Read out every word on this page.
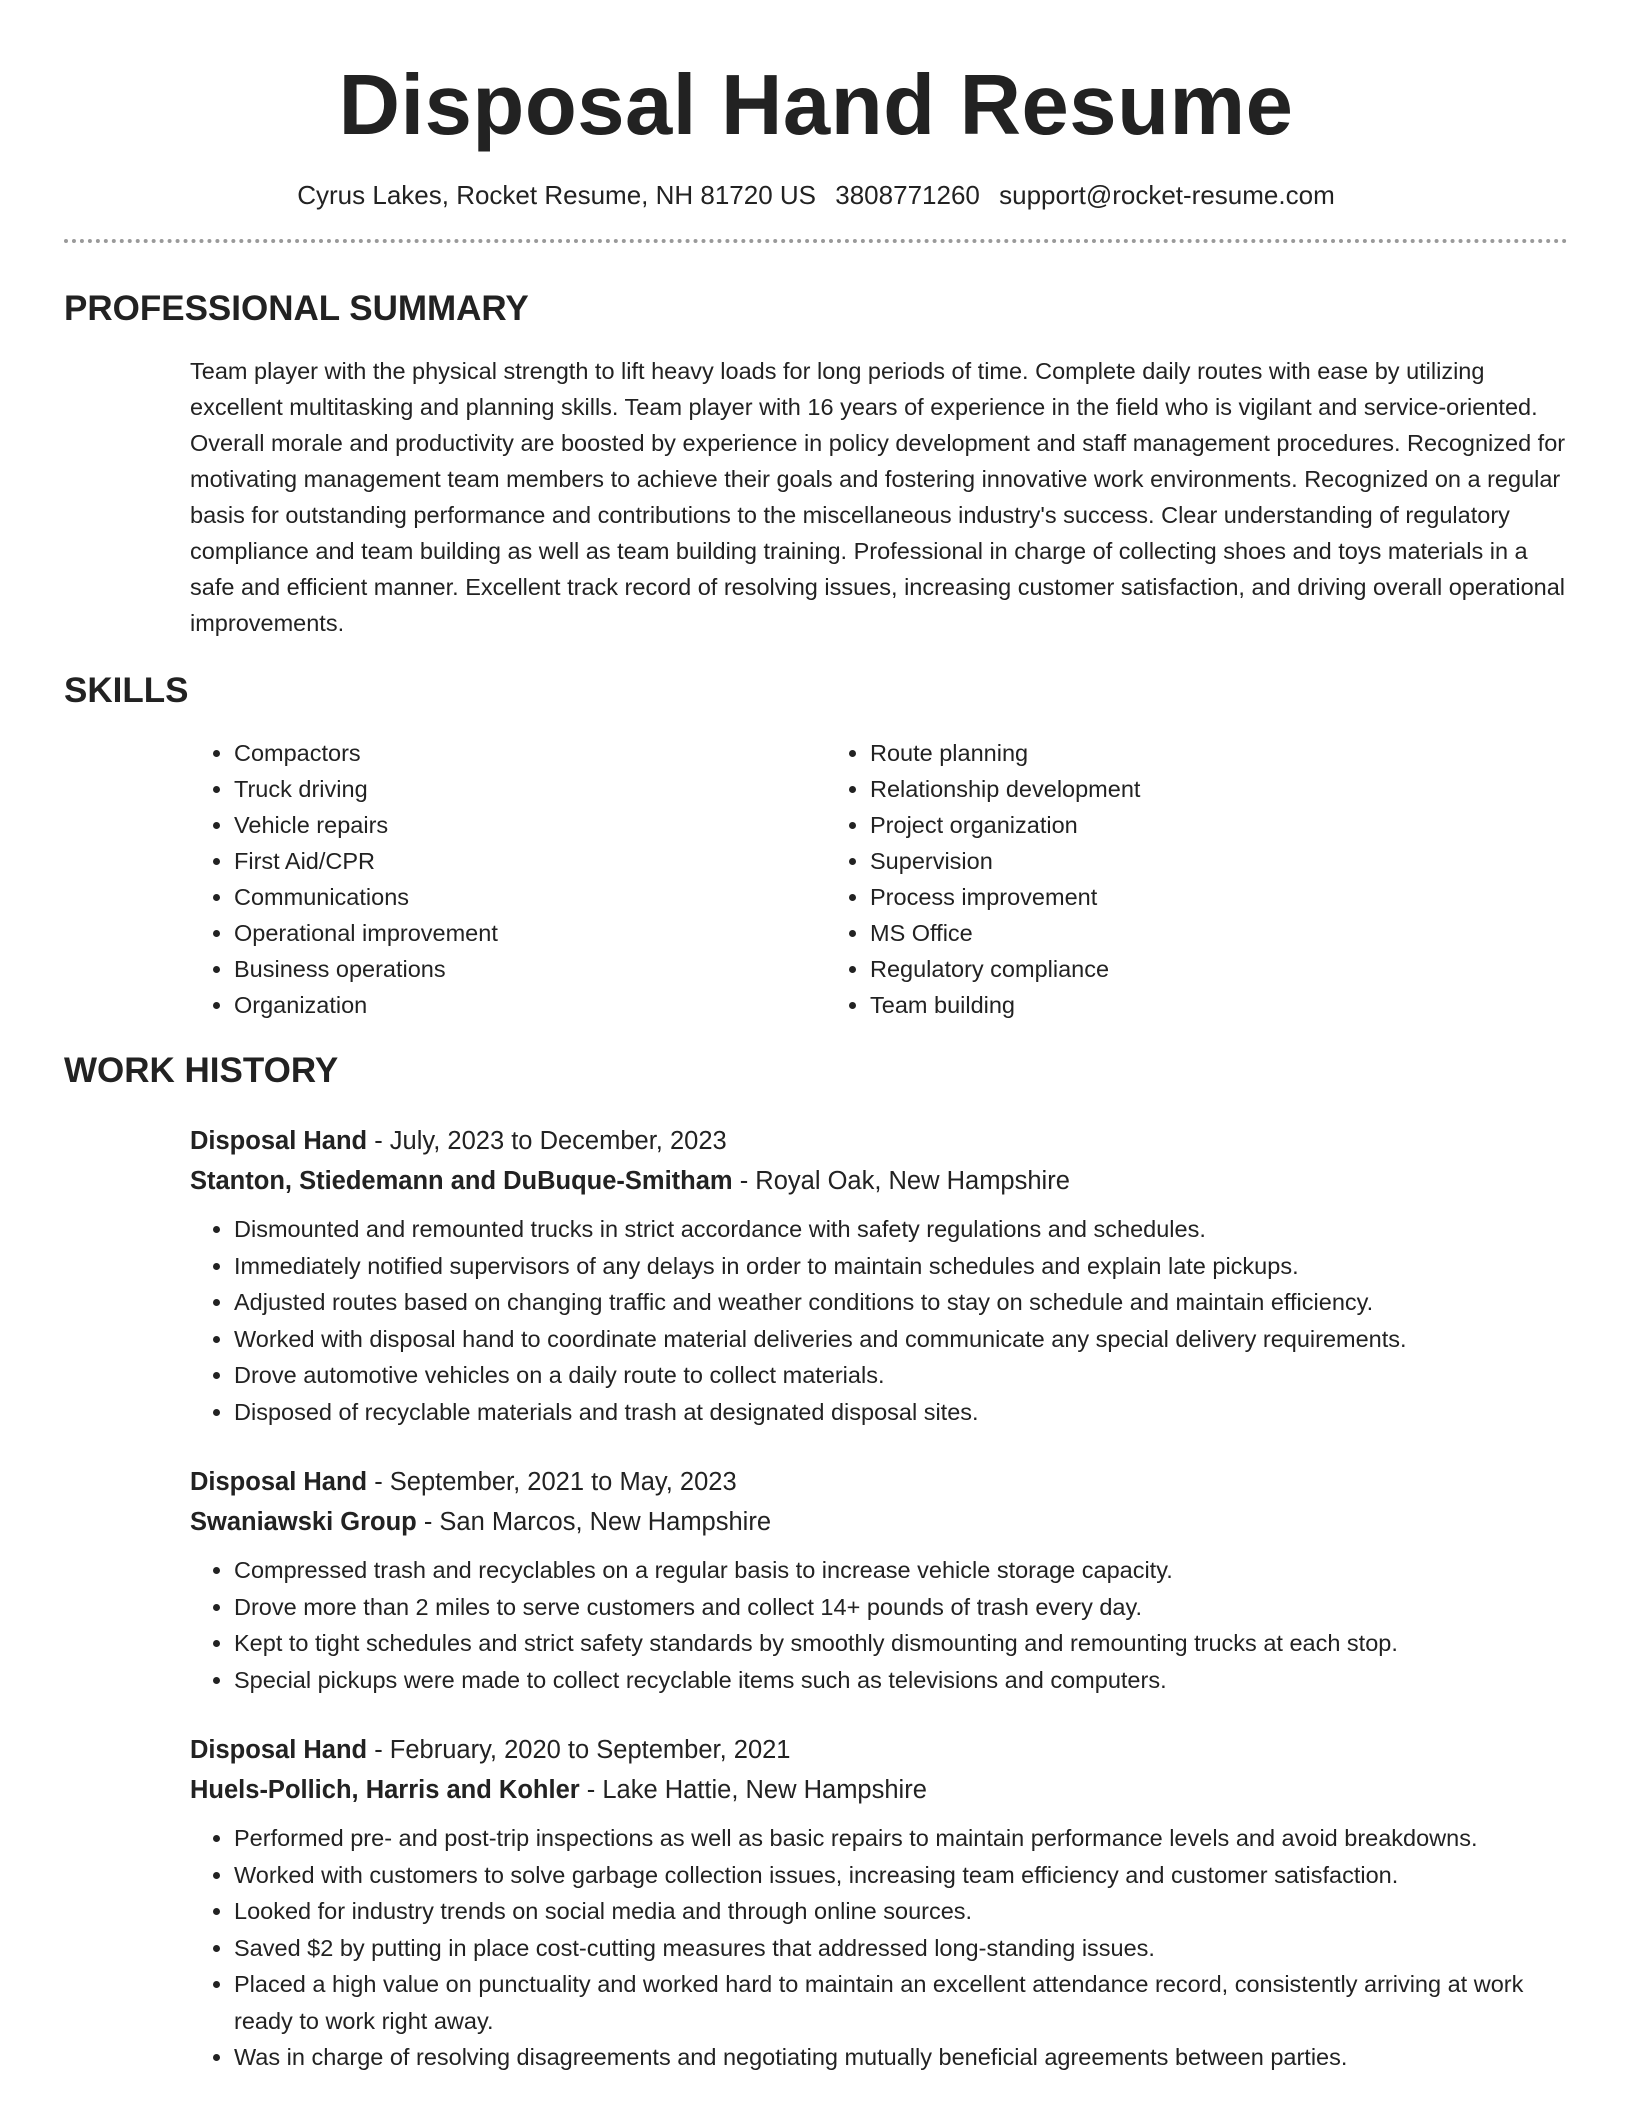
Disposal Hand Resume
Cyrus Lakes, Rocket Resume, NH 81720 US 3808771260 support@rocket-resume.com
PROFESSIONAL SUMMARY

Team player with the physical strength to lift heavy loads for long periods of time. Complete daily routes with ease by utilizing excellent multitasking and planning skills. Team player with 16 years of experience in the field who is vigilant and service-oriented. Overall morale and productivity are boosted by experience in policy development and staff management procedures. Recognized for motivating management team members to achieve their goals and fostering innovative work environments. Recognized on a regular basis for outstanding performance and contributions to the miscellaneous industry's success. Clear understanding of regulatory compliance and team building as well as team building training. Professional in charge of collecting shoes and toys materials in a safe and efficient manner. Excellent track record of resolving issues, increasing customer satisfaction, and driving overall operational improvements.

SKILLS
• Compactors
• Truck driving
• Vehicle repairs
• First Aid/CPR
• Communications
• Operational improvement
• Business operations
• Organization
• Route planning
• Relationship development
• Project organization
• Supervision
• Process improvement
• MS Office
• Regulatory compliance
• Team building
WORK HISTORY
Disposal Hand - July, 2023 to December, 2023
Stanton, Stiedemann and DuBuque-Smitham - Royal Oak, New Hampshire
• Dismounted and remounted trucks in strict accordance with safety regulations and schedules.
• Immediately notified supervisors of any delays in order to maintain schedules and explain late pickups.
• Adjusted routes based on changing traffic and weather conditions to stay on schedule and maintain efficiency.
• Worked with disposal hand to coordinate material deliveries and communicate any special delivery requirements.
• Drove automotive vehicles on a daily route to collect materials.
• Disposed of recyclable materials and trash at designated disposal sites.
Disposal Hand - September, 2021 to May, 2023
Swaniawski Group - San Marcos, New Hampshire
• Compressed trash and recyclables on a regular basis to increase vehicle storage capacity.
• Drove more than 2 miles to serve customers and collect 14+ pounds of trash every day.
• Kept to tight schedules and strict safety standards by smoothly dismounting and remounting trucks at each stop.
• Special pickups were made to collect recyclable items such as televisions and computers.
Disposal Hand - February, 2020 to September, 2021
Huels-Pollich, Harris and Kohler - Lake Hattie, New Hampshire
• Performed pre- and post-trip inspections as well as basic repairs to maintain performance levels and avoid breakdowns.
• Worked with customers to solve garbage collection issues, increasing team efficiency and customer satisfaction.
• Looked for industry trends on social media and through online sources.
• Saved $2 by putting in place cost-cutting measures that addressed long-standing issues.
• Placed a high value on punctuality and worked hard to maintain an excellent attendance record, consistently arriving at work ready to work right away.
• Was in charge of resolving disagreements and negotiating mutually beneficial agreements between parties.
